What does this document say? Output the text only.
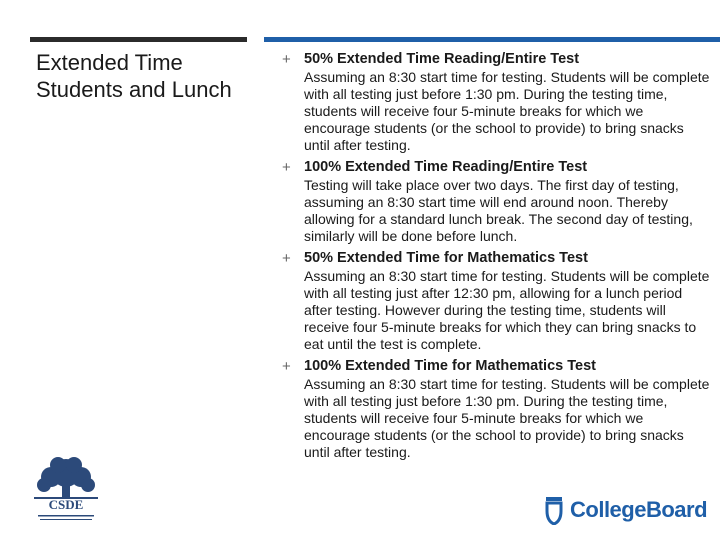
Extended Time Students and Lunch
+ 50% Extended Time Reading/Entire Test
Assuming an 8:30 start time for testing. Students will be complete with all testing just before 1:30 pm. During the testing time, students will receive four 5-minute breaks for which we encourage students (or the school to provide) to bring snacks until after testing.
+ 100% Extended Time Reading/Entire Test
Testing will take place over two days. The first day of testing, assuming an 8:30 start time will end around noon. Thereby allowing for a standard lunch break. The second day of testing, similarly will be done before lunch.
+ 50% Extended Time for Mathematics Test
Assuming an 8:30 start time for testing. Students will be complete with all testing just after 12:30 pm, allowing for a lunch period after testing. However during the testing time, students will receive four 5-minute breaks for which they can bring snacks to eat until the test is complete.
+ 100% Extended Time for Mathematics Test
Assuming an 8:30 start time for testing. Students will be complete with all testing just before 1:30 pm. During the testing time, students will receive four 5-minute breaks for which we encourage students (or the school to provide) to bring snacks until after testing.
CSDE	CollegeBoard
